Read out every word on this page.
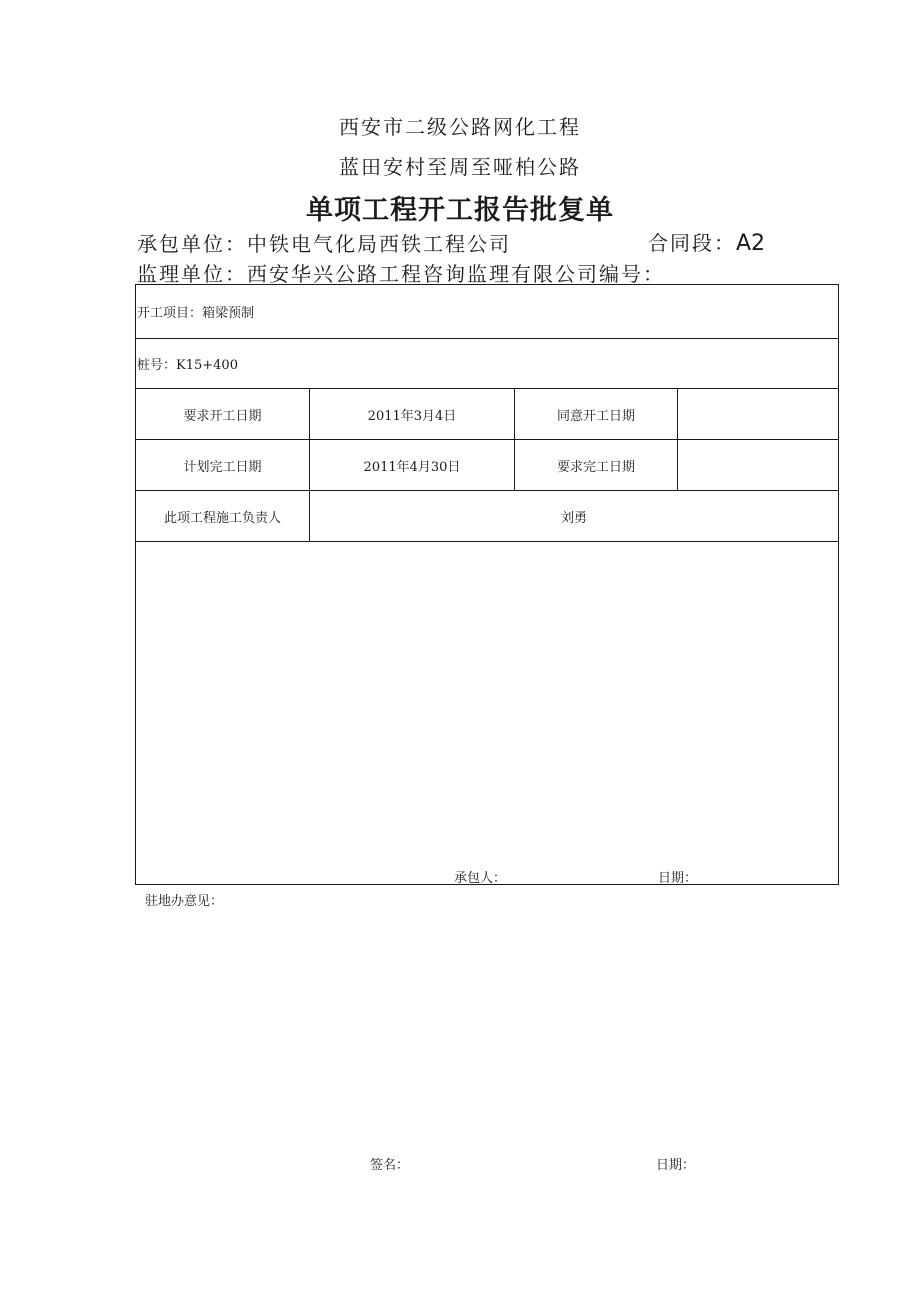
西安市二级公路网化工程
蓝田安村至周至哑柏公路
单项工程开工报告批复单
承包单位：中铁电气化局西铁工程公司	合同段：A2
监理单位：西安华兴公路工程咨询监理有限公司编号：
开工项目：箱梁预制			
桩号：K15+400			
要求开工日期	2011年3月4日	同意开工日期	
计划完工日期	2011年4月30日	要求完工日期	
此项工程施工负责人	刘勇		

承包人： 日期：			
驻地办意见：
签名：	日期：
